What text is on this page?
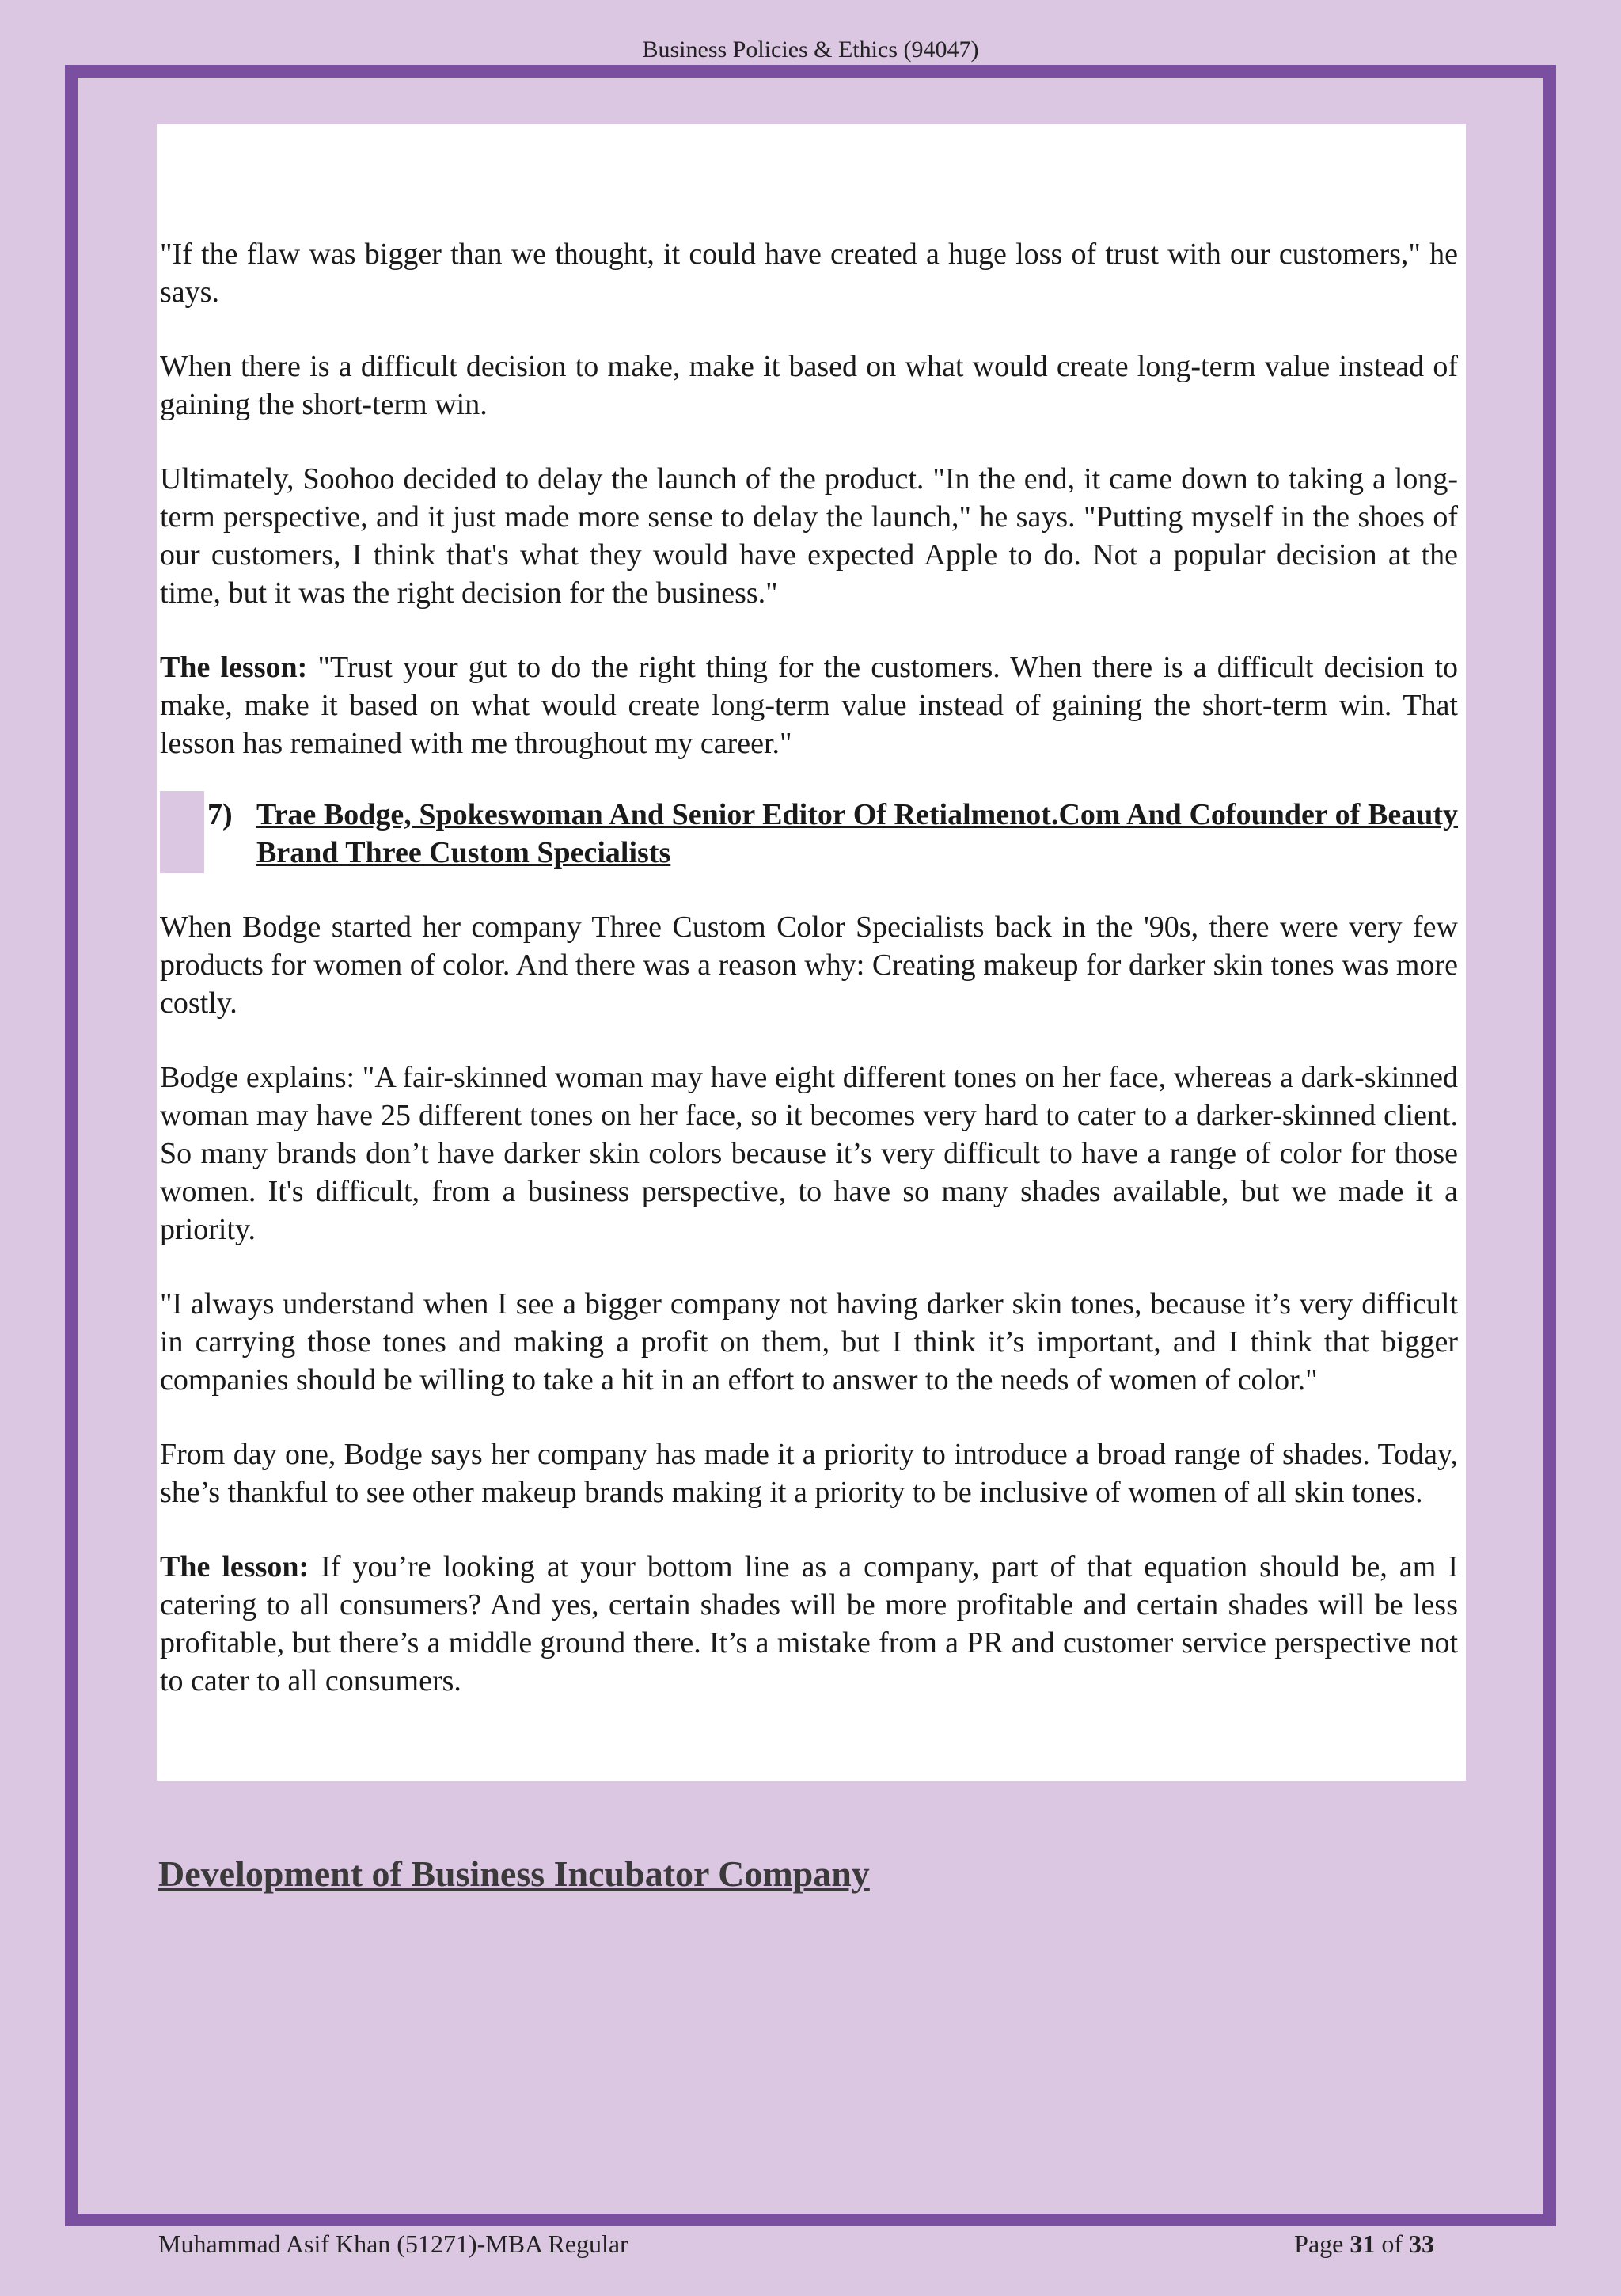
Business Policies & Ethics (94047)

"If the flaw was bigger than we thought, it could have created a huge loss of trust with our customers," he says.

When there is a difficult decision to make, make it based on what would create long-term value instead of gaining the short-term win.

Ultimately, Soohoo decided to delay the launch of the product. "In the end, it came down to taking a long-term perspective, and it just made more sense to delay the launch," he says. "Putting myself in the shoes of our customers, I think that's what they would have expected Apple to do. Not a popular decision at the time, but it was the right decision for the business."

The lesson: "Trust your gut to do the right thing for the customers. When there is a difficult decision to make, make it based on what would create long-term value instead of gaining the short-term win. That lesson has remained with me throughout my career."

7) Trae Bodge, Spokeswoman And Senior Editor Of Retialmenot.Com And Cofounder of Beauty Brand Three Custom Specialists

When Bodge started her company Three Custom Color Specialists back in the '90s, there were very few products for women of color. And there was a reason why: Creating makeup for darker skin tones was more costly.

Bodge explains: "A fair-skinned woman may have eight different tones on her face, whereas a dark-skinned woman may have 25 different tones on her face, so it becomes very hard to cater to a darker-skinned client. So many brands don’t have darker skin colors because it’s very difficult to have a range of color for those women. It's difficult, from a business perspective, to have so many shades available, but we made it a priority.

"I always understand when I see a bigger company not having darker skin tones, because it’s very difficult in carrying those tones and making a profit on them, but I think it’s important, and I think that bigger companies should be willing to take a hit in an effort to answer to the needs of women of color."

From day one, Bodge says her company has made it a priority to introduce a broad range of shades. Today, she’s thankful to see other makeup brands making it a priority to be inclusive of women of all skin tones.

The lesson: If you’re looking at your bottom line as a company, part of that equation should be, am I catering to all consumers? And yes, certain shades will be more profitable and certain shades will be less profitable, but there’s a middle ground there. It’s a mistake from a PR and customer service perspective not to cater to all consumers.

Development of Business Incubator Company
Muhammad Asif Khan (51271)-MBA Regular	Page 31 of 33
